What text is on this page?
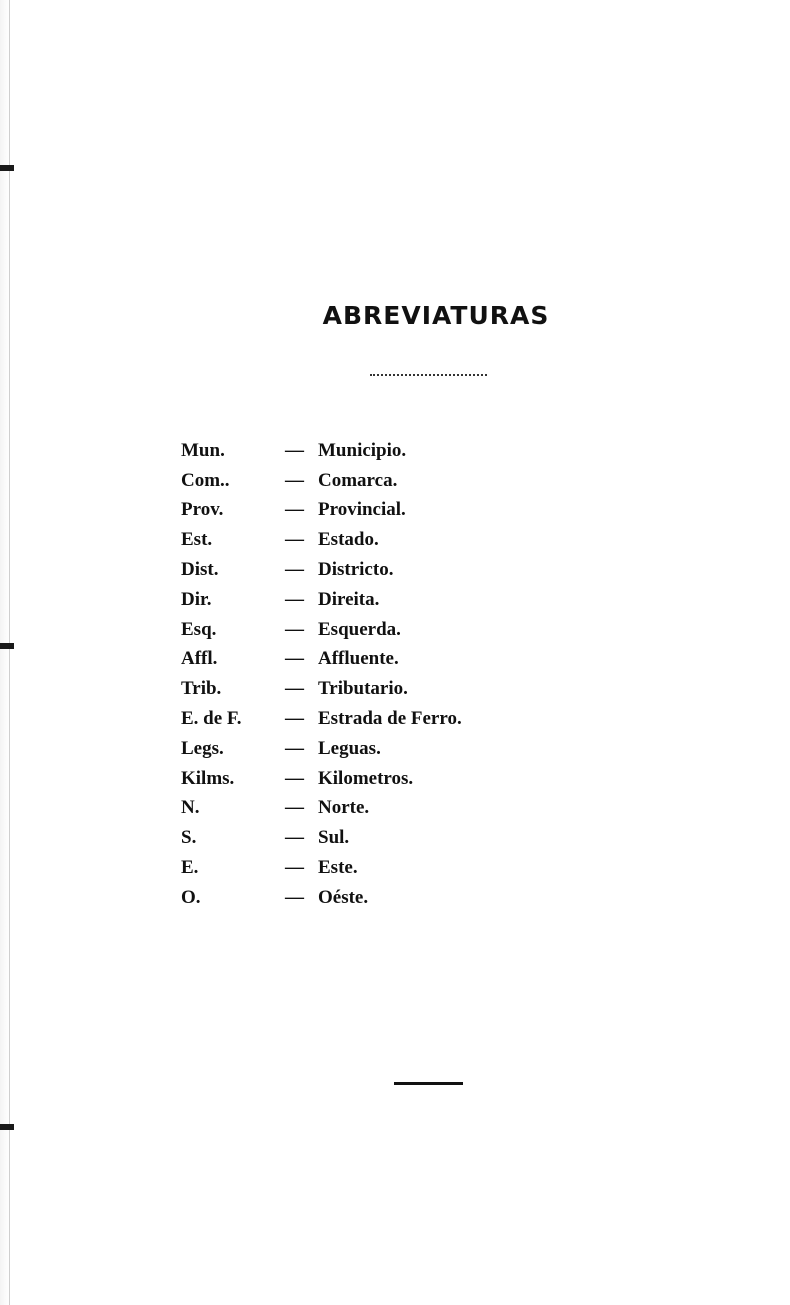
ABREVIATURAS
Mun.	— Municipio.
Com..	— Comarca.
Prov.	— Provincial.
Est.	— Estado.
Dist.	— Districto.
Dir.	— Direita.
Esq.	— Esquerda.
Affl.	— Affluente.
Trib.	— Tributario.
E. de F.	— Estrada de Ferro.
Legs.	— Leguas.
Kilms.	— Kilometros.
N.	— Norte.
S.	— Sul.
E.	— Este.
O.	— Oéste.
